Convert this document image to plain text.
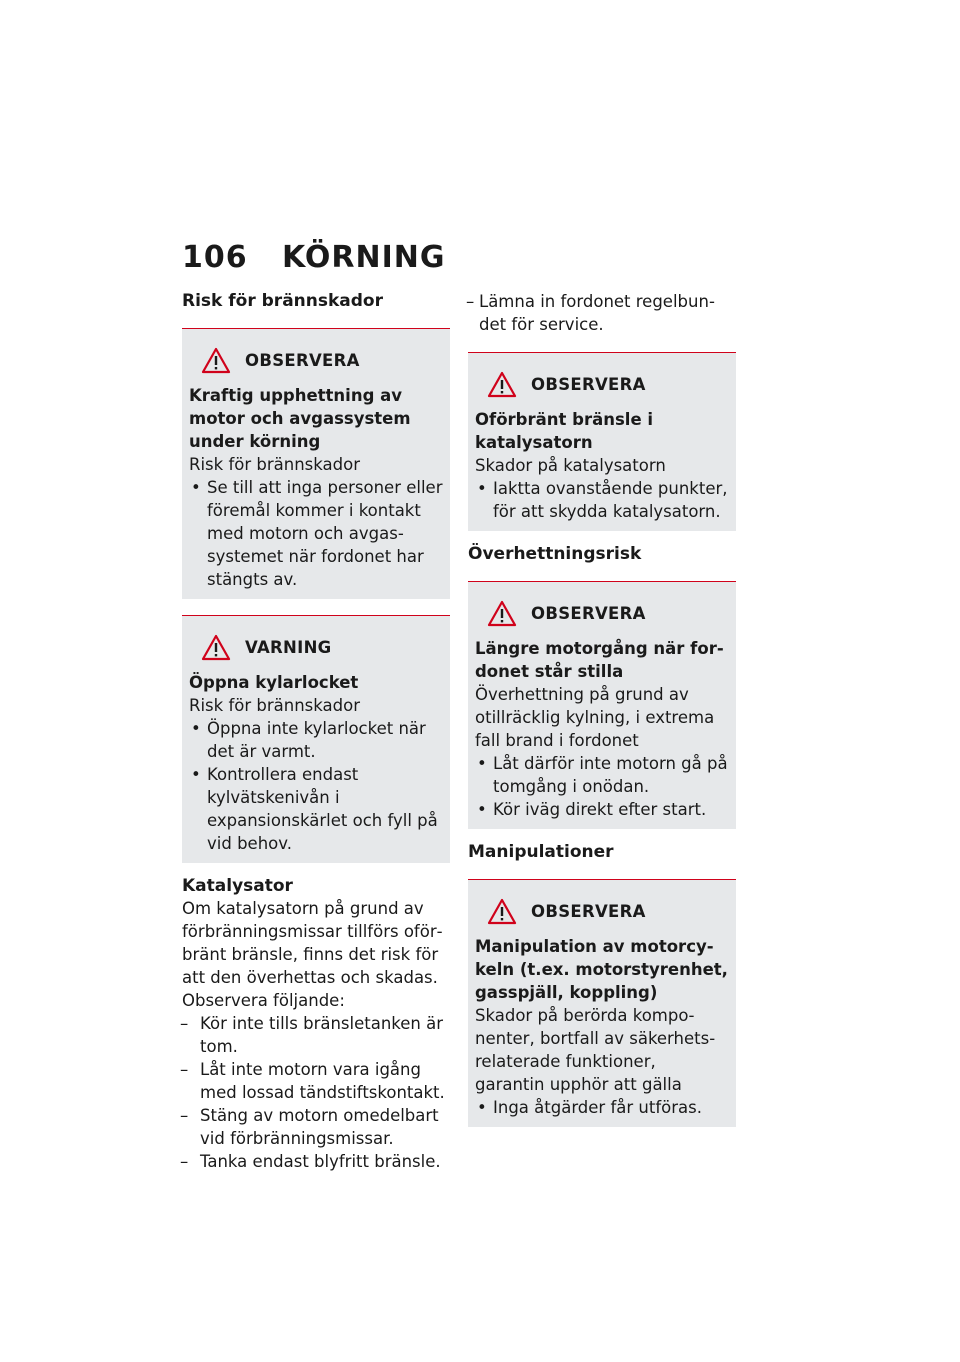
106 KÖRNING
Risk för brännskador
OBSERVERA

Kraftig upphettning av motor och avgassystem under körning

Risk för brännskador

• Se till att inga personer eller föremål kommer i kontakt med motorn och avgassystemet när fordonet har stängts av.
VARNING

Öppna kylarlocket

Risk för brännskador

• Öppna inte kylarlocket när det är varmt.
• Kontrollera endast kylvätskenivån i expansionskärlet och fyll på vid behov.
Katalysator

Om katalysatorn på grund av förbränningsmissar tillförs oförbränt bränsle, finns det risk för att den överhettas och skadas.

Observera följande:

– Kör inte tills bränsletanken är tom.
– Låt inte motorn vara igång med lossad tändstiftskontakt.
– Stäng av motorn omedelbart vid förbränningsmissar.
– Tanka endast blyfritt bränsle.
– Lämna in fordonet regelbundet för service.
OBSERVERA

Oförbränt bränsle i katalysatorn

Skador på katalysatorn

• Iaktta ovanstående punkter, för att skydda katalysatorn.
Överhettningsrisk
OBSERVERA

Längre motorgång när fordonet står stilla

Överhettning på grund av otillräcklig kylning, i extrema fall brand i fordonet

• Låt därför inte motorn gå på tomgång i onödan.
• Kör iväg direkt efter start.
Manipulationer
OBSERVERA

Manipulation av motorcykeln (t.ex. motorstyrenhet, gasspjäll, koppling)

Skador på berörda komponenter, bortfall av säkerhetsrelaterade funktioner, garantin upphör att gälla

• Inga åtgärder får utföras.
